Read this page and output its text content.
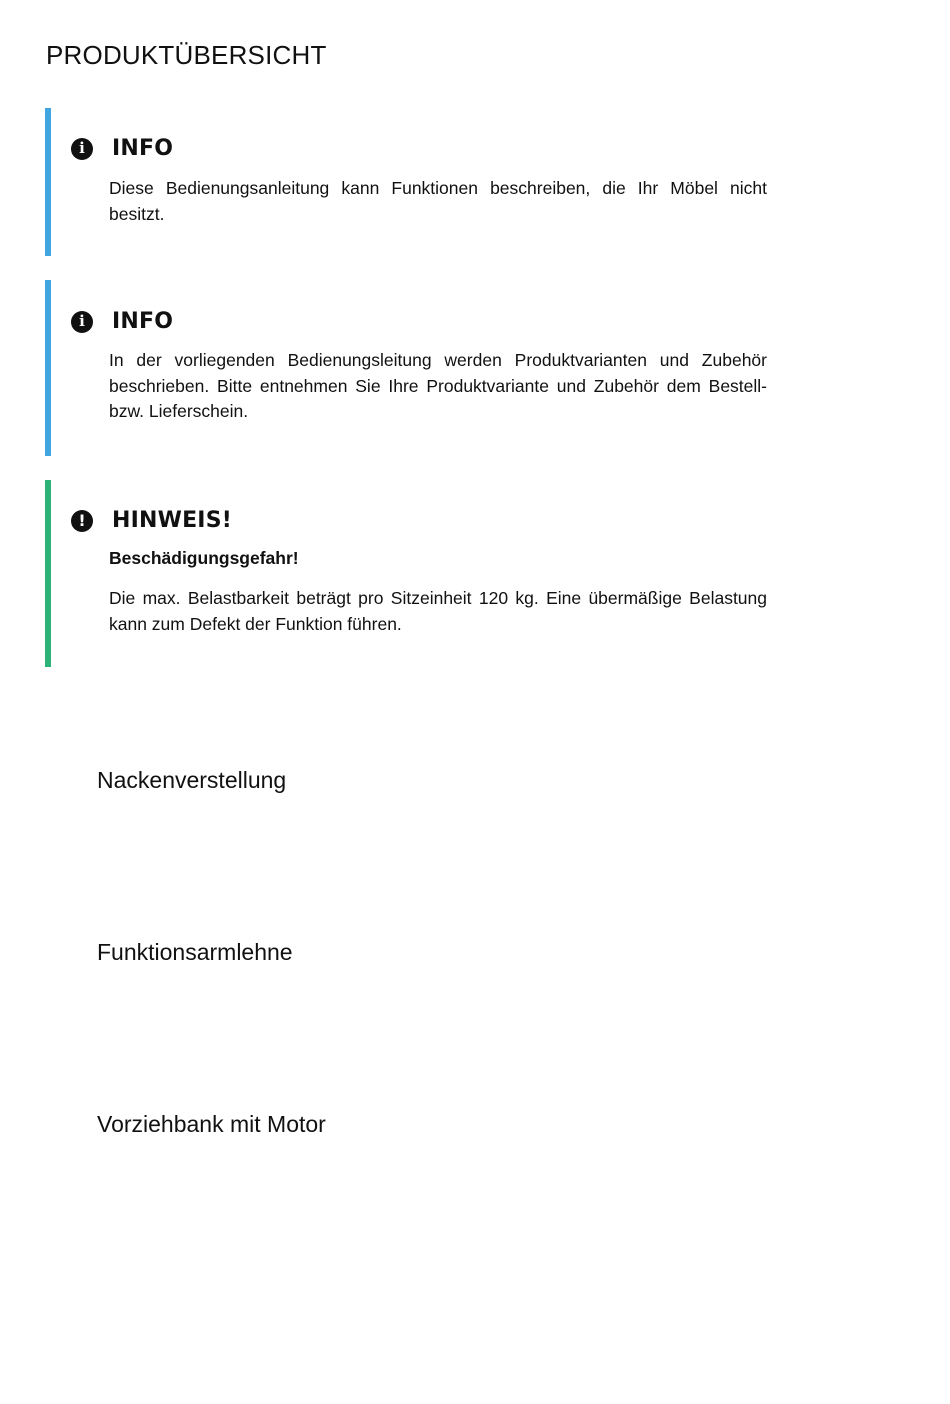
PRODUKTÜBERSICHT
i	INFO

Diese Bedienungsanleitung kann Funktionen beschreiben, die Ihr Möbel nicht besitzt.

i	INFO

In der vorliegenden Bedienungsleitung werden Produktvarianten und Zubehör beschrieben. Bitte entnehmen Sie Ihre Produktvariante und Zubehör dem Bestell- bzw. Lieferschein.

!	HINWEIS!

Beschädigungsgefahr!

Die max. Belastbarkeit beträgt pro Sitzeinheit 120 kg. Eine übermäßige Belastung kann zum Defekt der Funktion führen.

Nackenverstellung
Funktionsarmlehne
Vorziehbank mit Motor
